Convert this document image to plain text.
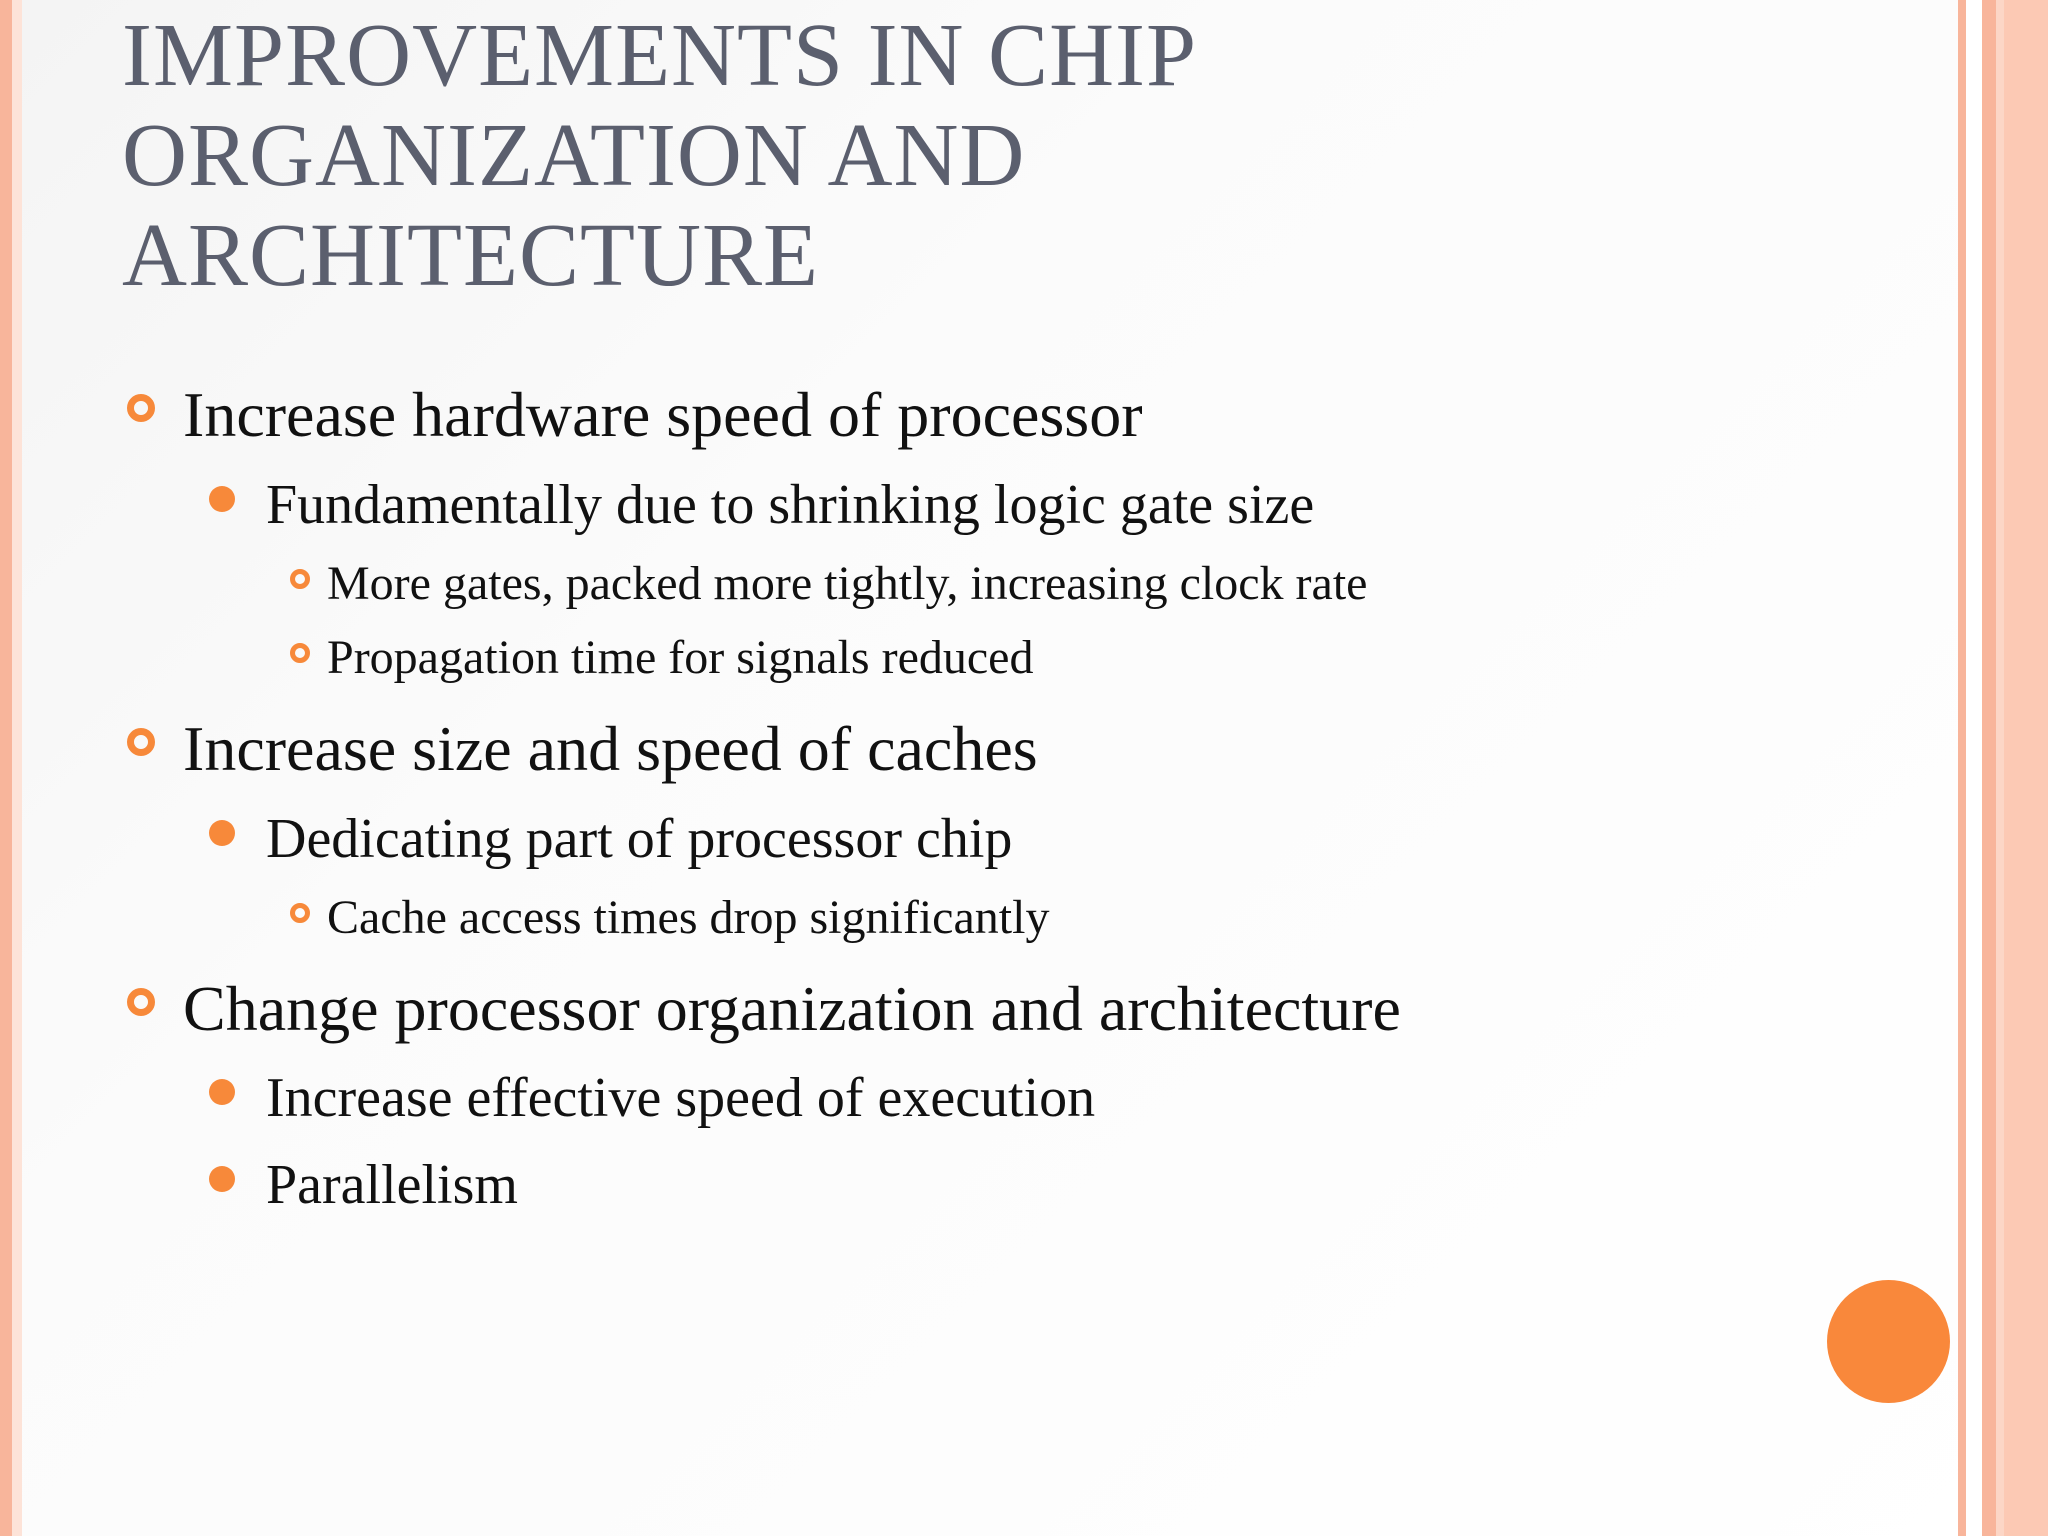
IMPROVEMENTS IN CHIP
ORGANIZATION AND
ARCHITECTURE
Increase hardware speed of processor
Fundamentally due to shrinking logic gate size
More gates, packed more tightly, increasing clock rate
Propagation time for signals reduced
Increase size and speed of caches
Dedicating part of processor chip
Cache access times drop significantly
Change processor organization and architecture
Increase effective speed of execution
Parallelism
